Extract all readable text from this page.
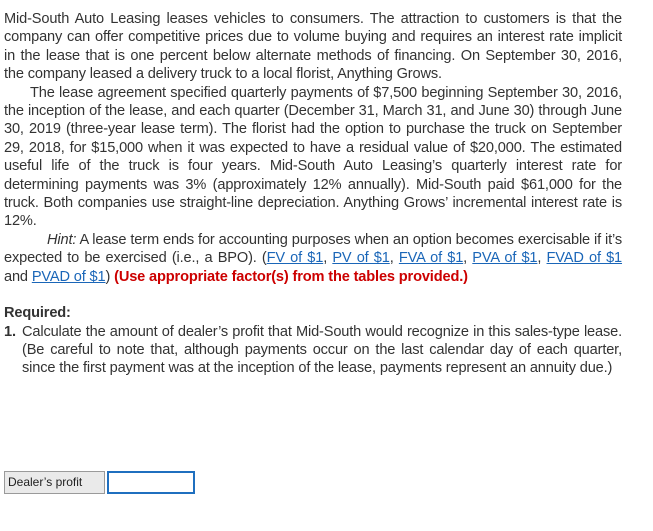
Mid-South Auto Leasing leases vehicles to consumers. The attraction to customers is that the company can offer competitive prices due to volume buying and requires an interest rate implicit in the lease that is one percent below alternate methods of financing. On September 30, 2016, the company leased a delivery truck to a local florist, Anything Grows.

The lease agreement specified quarterly payments of $7,500 beginning September 30, 2016, the inception of the lease, and each quarter (December 31, March 31, and June 30) through June 30, 2019 (three-year lease term). The florist had the option to purchase the truck on September 29, 2018, for $15,000 when it was expected to have a residual value of $20,000. The estimated useful life of the truck is four years. Mid-South Auto Leasing’s quarterly interest rate for determining payments was 3% (approximately 12% annually). Mid-South paid $61,000 for the truck. Both companies use straight-line depreciation. Anything Grows’ incremental interest rate is 12%.

Hint: A lease term ends for accounting purposes when an option becomes exercisable if it’s expected to be exercised (i.e., a BPO). (FV of $1, PV of $1, FVA of $1, PVA of $1, FVAD of $1 and PVAD of $1) (Use appropriate factor(s) from the tables provided.)

Required:

1. Calculate the amount of dealer’s profit that Mid-South would recognize in this sales-type lease. (Be careful to note that, although payments occur on the last calendar day of each quarter, since the first payment was at the inception of the lease, payments represent an annuity due.)
Dealer’s profit
